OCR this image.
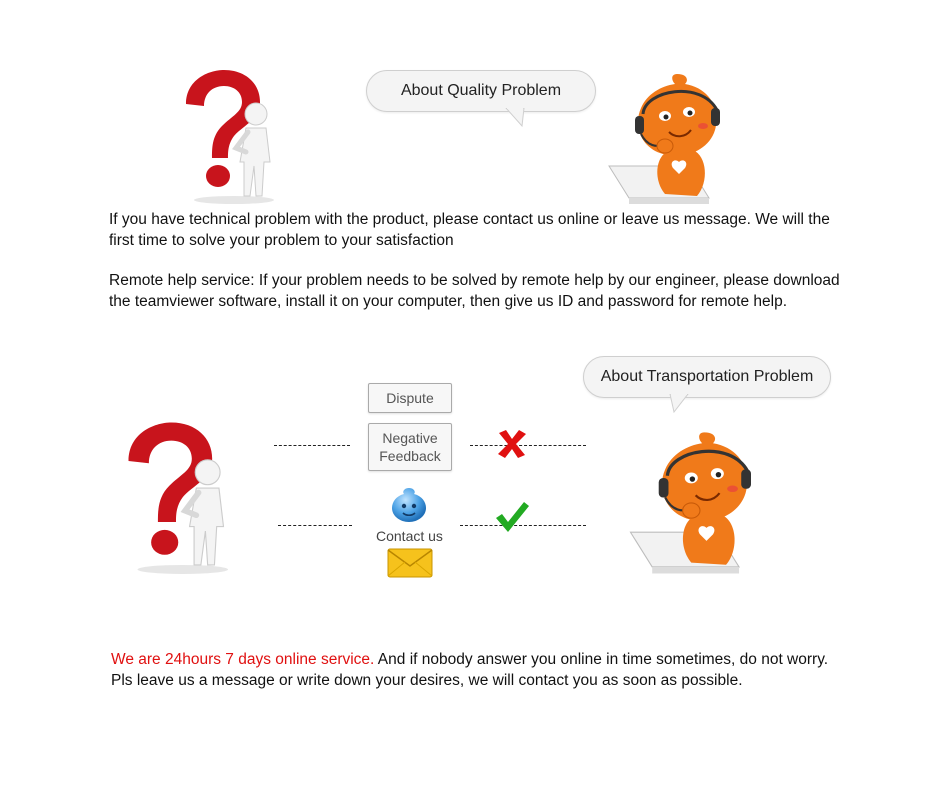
About Quality Problem
If you have technical problem with the product, please contact us online or leave us message. We will the first time to solve your problem to your satisfaction
Remote help service: If your problem needs to be solved by remote help by our engineer, please download the teamviewer software, install it on your computer, then give us ID and password for remote help.
About Transportation Problem
Dispute
Negative
Feedback
Contact us
We are 24hours 7 days online service. And if nobody answer you online in time sometimes, do not worry.
Pls leave us a message or write down your desires, we will contact you as soon as possible.
